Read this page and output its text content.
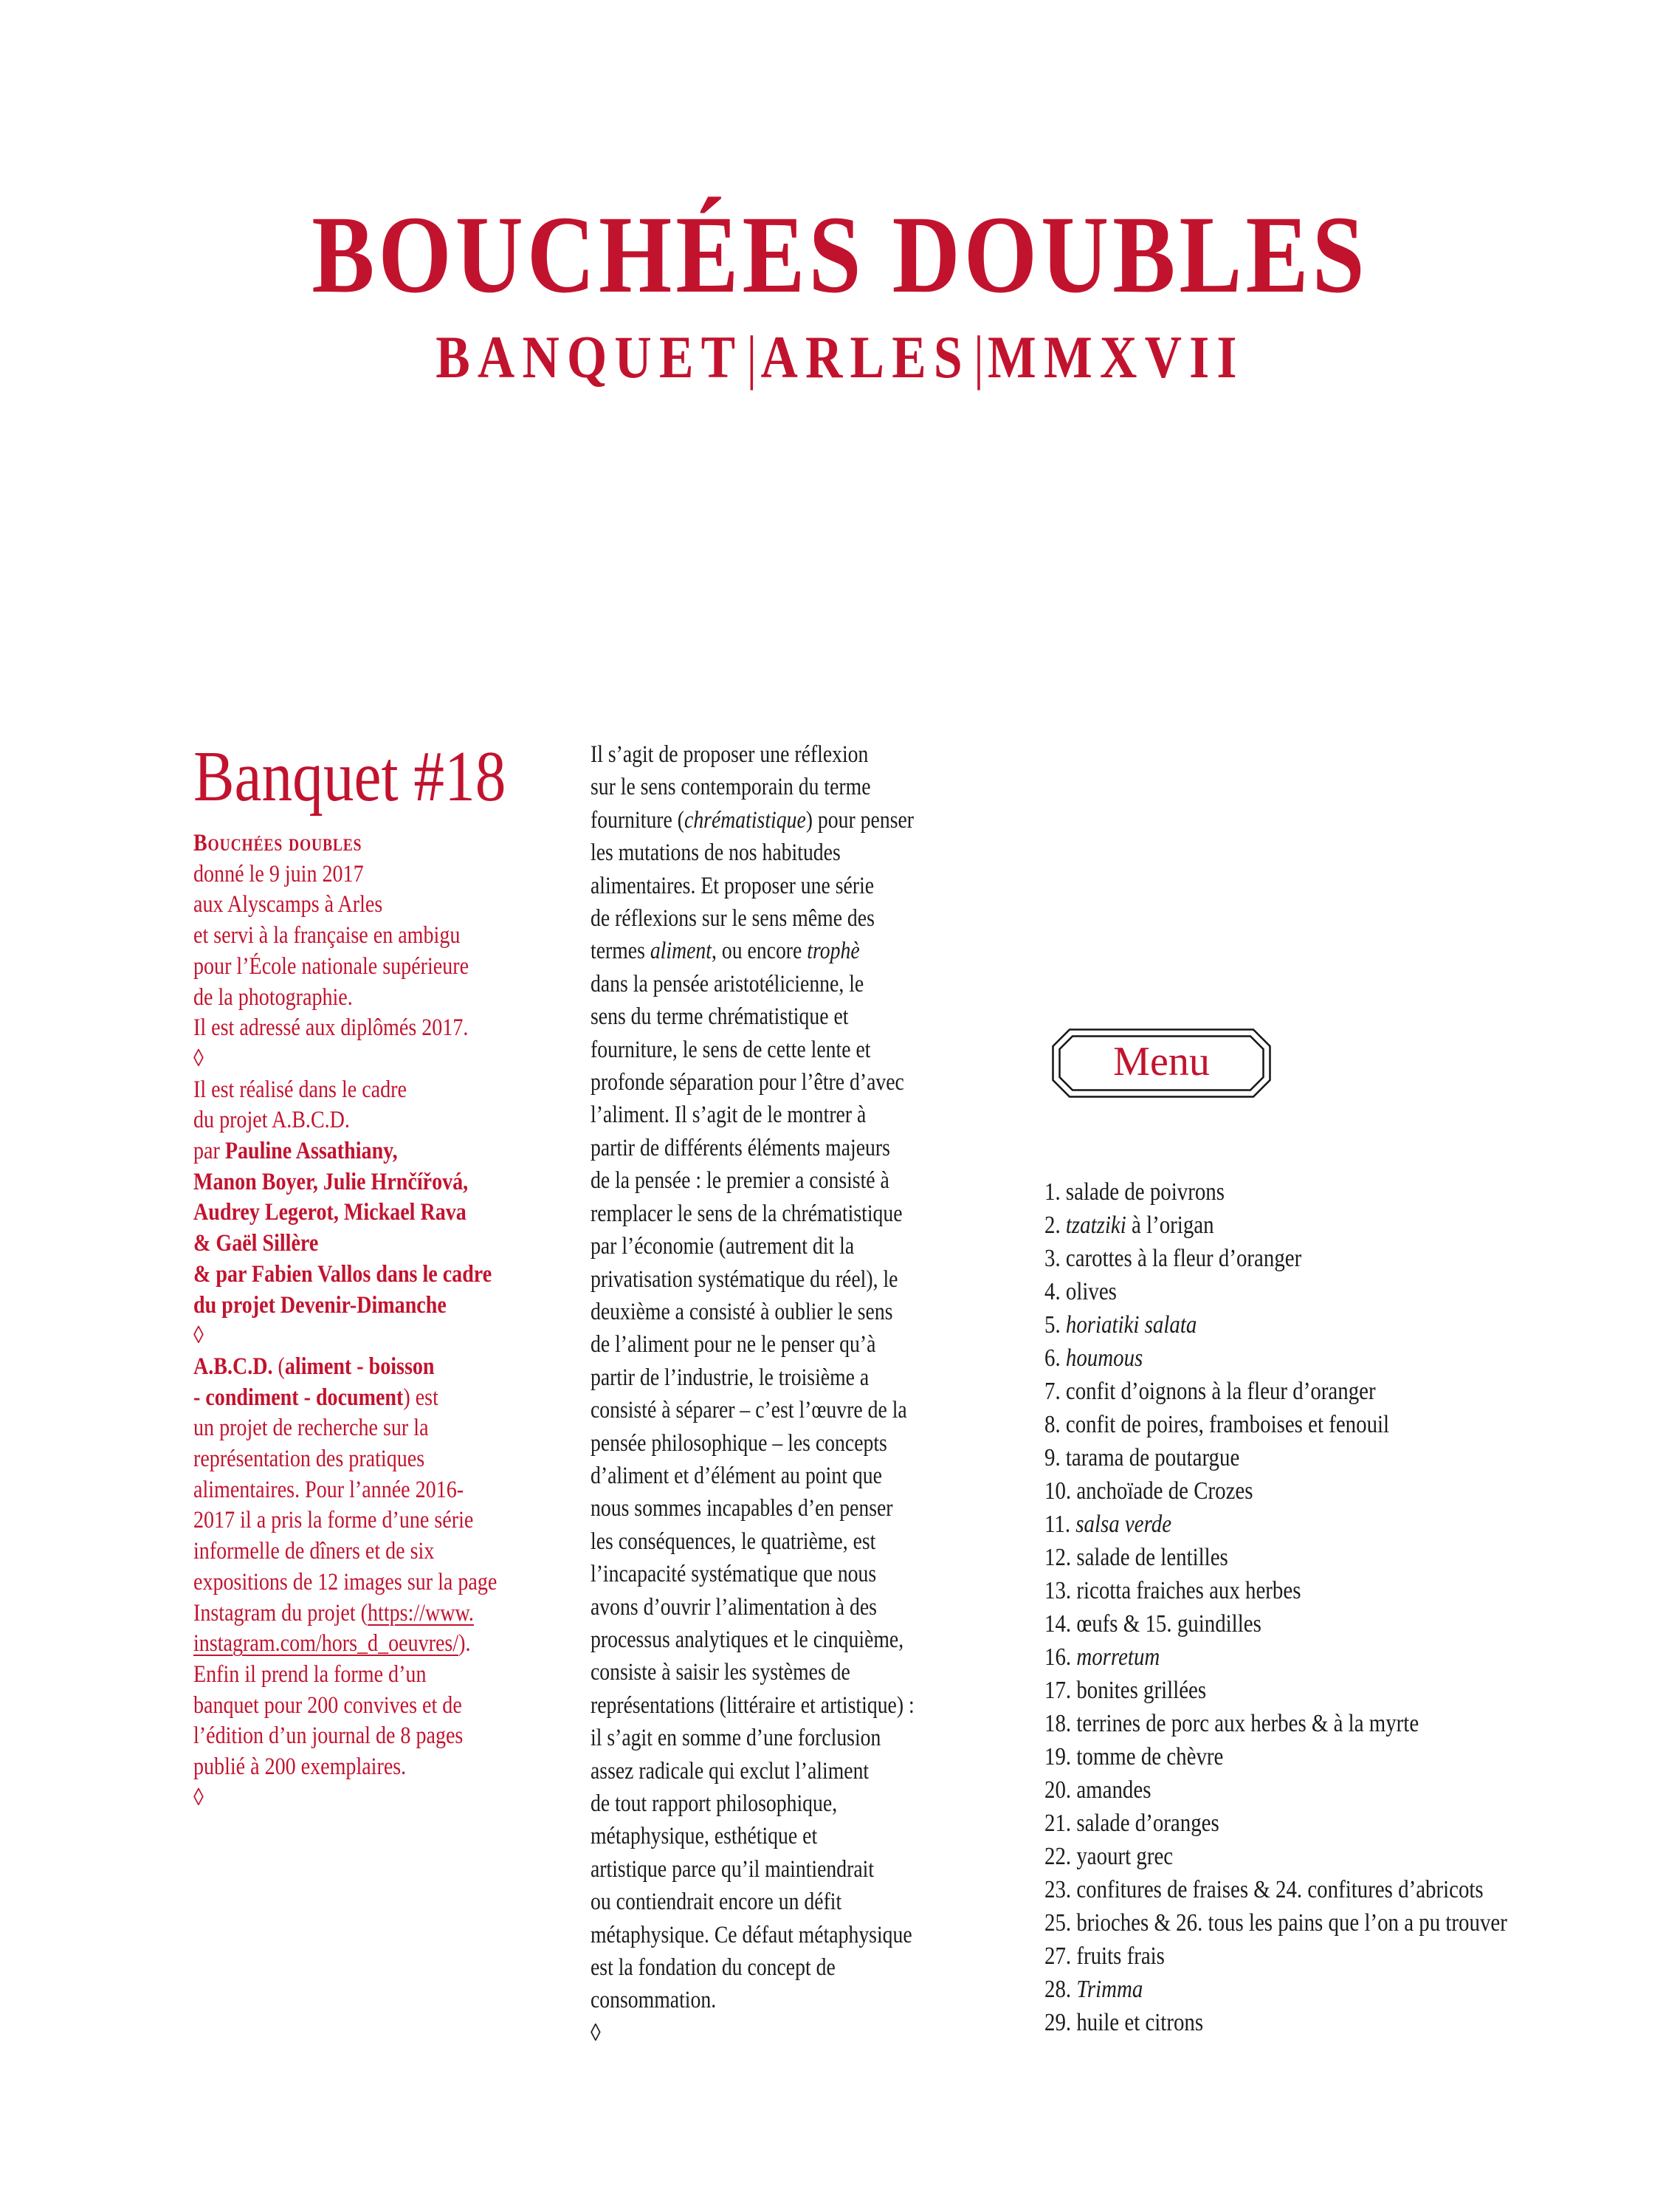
BOUCHÉES DOUBLES
BANQUET|ARLES|MMXVII
Banquet #18
Bouchées doubles
donné le 9 juin 2017
aux Alyscamps à Arles
et servi à la française en ambigu
pour l’École nationale supérieure
de la photographie.
Il est adressé aux diplômés 2017.
◊
Il est réalisé dans le cadre
du projet A.B.C.D.
par Pauline Assathiany,
Manon Boyer, Julie Hrnčířová,
Audrey Legerot, Mickael Rava
& Gaël Sillère
& par Fabien Vallos dans le cadre
du projet Devenir-Dimanche
◊
A.B.C.D. (aliment - boisson
- condiment - document) est
un projet de recherche sur la
représentation des pratiques
alimentaires. Pour l’année 2016-
2017 il a pris la forme d’une série
informelle de dîners et de six
expositions de 12 images sur la page
Instagram du projet (https://www.
instagram.com/hors_d_oeuvres/).
Enfin il prend la forme d’un
banquet pour 200 convives et de
l’édition d’un journal de 8 pages
publié à 200 exemplaires.
◊
Il s’agit de proposer une réflexion
sur le sens contemporain du terme
fourniture (chrématistique) pour penser
les mutations de nos habitudes
alimentaires. Et proposer une série
de réflexions sur le sens même des
termes aliment, ou encore trophè
dans la pensée aristotélicienne, le
sens du terme chrématistique et
fourniture, le sens de cette lente et
profonde séparation pour l’être d’avec
l’aliment. Il s’agit de le montrer à
partir de différents éléments majeurs
de la pensée : le premier a consisté à
remplacer le sens de la chrématistique
par l’économie (autrement dit la
privatisation systématique du réel), le
deuxième a consisté à oublier le sens
de l’aliment pour ne le penser qu’à
partir de l’industrie, le troisième a
consisté à séparer – c’est l’œuvre de la
pensée philosophique – les concepts
d’aliment et d’élément au point que
nous sommes incapables d’en penser
les conséquences, le quatrième, est
l’incapacité systématique que nous
avons d’ouvrir l’alimentation à des
processus analytiques et le cinquième,
consiste à saisir les systèmes de
représentations (littéraire et artistique) :
il s’agit en somme d’une forclusion
assez radicale qui exclut l’aliment
de tout rapport philosophique,
métaphysique, esthétique et
artistique parce qu’il maintiendrait
ou contiendrait encore un défit
métaphysique. Ce défaut métaphysique
est la fondation du concept de
consommation.
◊
Menu
1. salade de poivrons
2. tzatziki à l’origan
3. carottes à la fleur d’oranger
4. olives
5. horiatiki salata
6. houmous
7. confit d’oignons à la fleur d’oranger
8. confit de poires, framboises et fenouil
9. tarama de poutargue
10. anchoïade de Crozes
11. salsa verde
12. salade de lentilles
13. ricotta fraiches aux herbes
14. œufs & 15. guindilles
16. morretum
17. bonites grillées
18. terrines de porc aux herbes & à la myrte
19. tomme de chèvre
20. amandes
21. salade d’oranges
22. yaourt grec
23. confitures de fraises & 24. confitures d’abricots
25. brioches & 26. tous les pains que l’on a pu trouver
27. fruits frais
28. Trimma
29. huile et citrons
